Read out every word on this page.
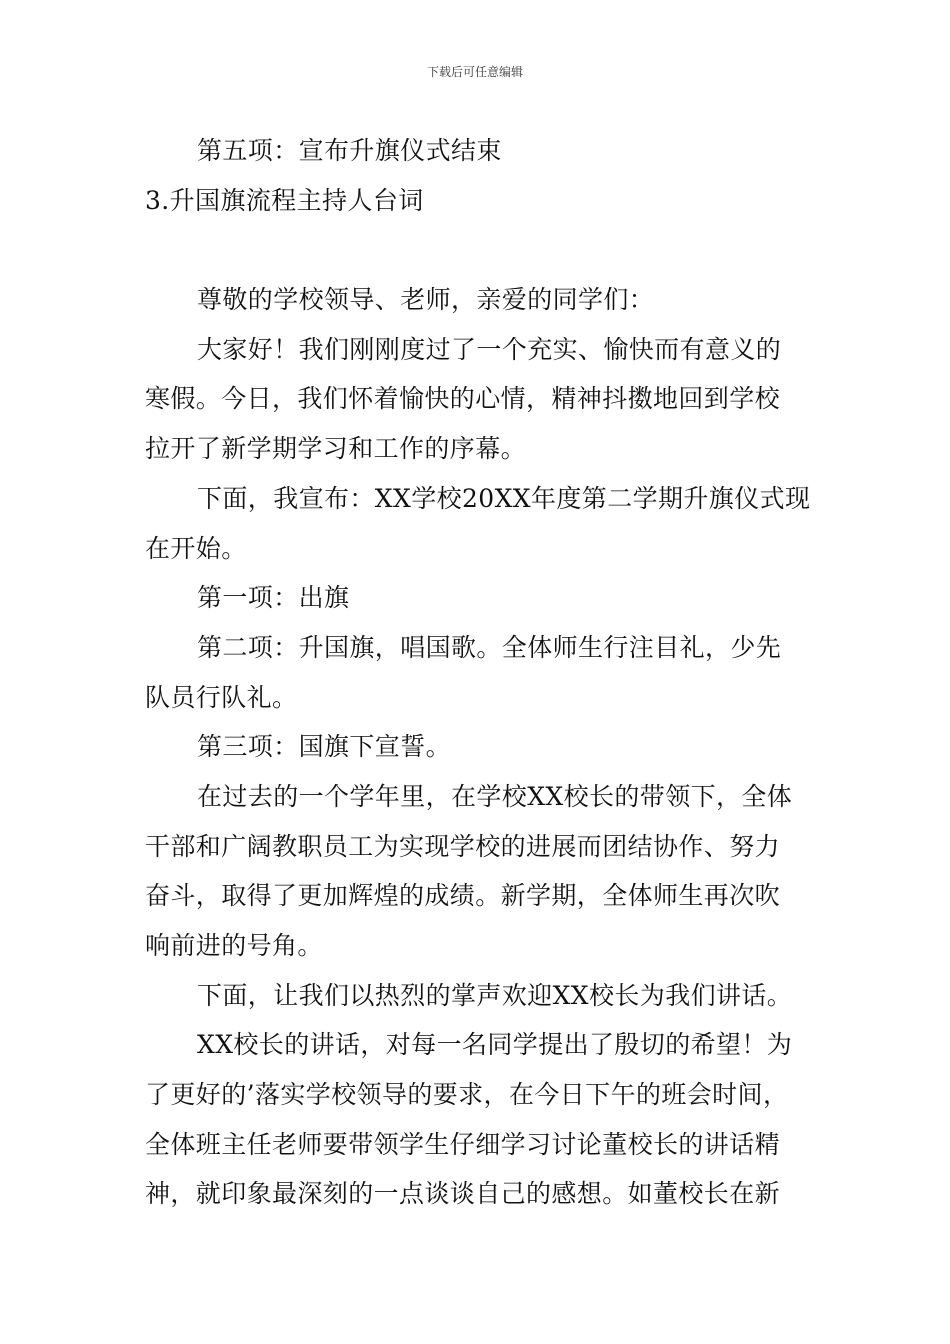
下载后可任意编辑
第五项：宣布升旗仪式结束
3.升国旗流程主持人台词
尊敬的学校领导、老师，亲爱的同学们：
大家好！我们刚刚度过了一个充实、愉快而有意义的
寒假。今日，我们怀着愉快的心情，精神抖擞地回到学校
拉开了新学期学习和工作的序幕。
下面，我宣布：XX学校20XX年度第二学期升旗仪式现
在开始。
第一项：出旗
第二项：升国旗，唱国歌。全体师生行注目礼，少先
队员行队礼。
第三项：国旗下宣誓。
在过去的一个学年里，在学校XX校长的带领下，全体
干部和广阔教职员工为实现学校的进展而团结协作、努力
奋斗，取得了更加辉煌的成绩。新学期，全体师生再次吹
响前进的号角。
下面，让我们以热烈的掌声欢迎XX校长为我们讲话。
XX校长的讲话，对每一名同学提出了殷切的希望！为
了更好的’落实学校领导的要求，在今日下午的班会时间，
全体班主任老师要带领学生仔细学习讨论董校长的讲话精
神，就印象最深刻的一点谈谈自己的感想。如董校长在新
